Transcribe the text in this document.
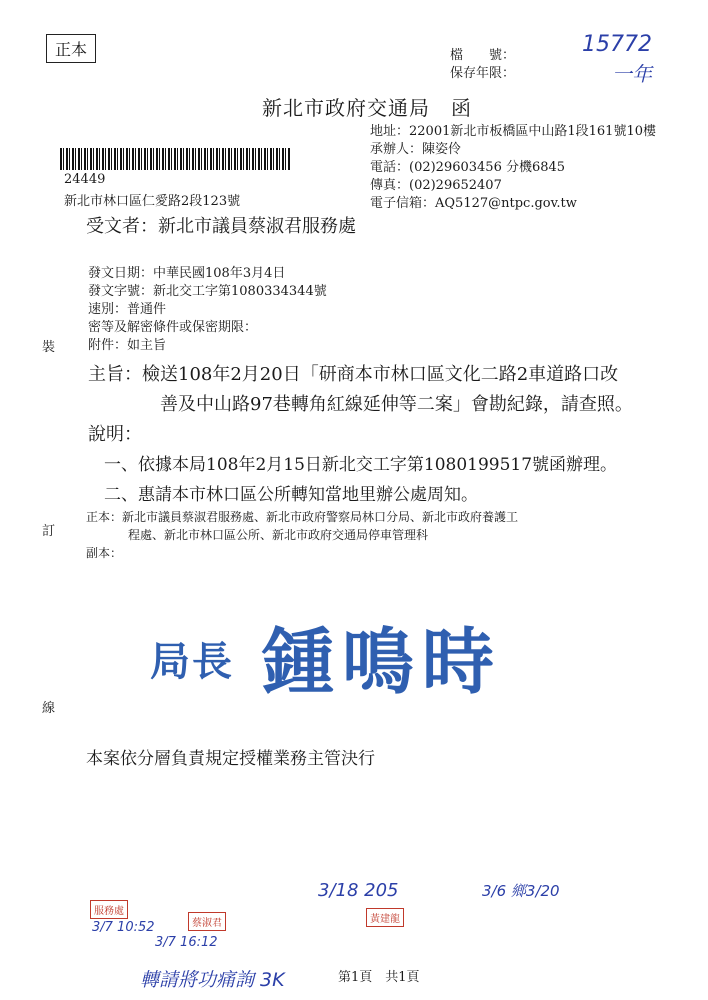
正本	檔　　號：
保存年限：
15772
一年
新北市政府交通局　函
地址：22001新北市板橋區中山路1段161號10樓
承辦人：陳姿伶
電話：(02)29603456 分機6845
傳真：(02)29652407
電子信箱：AQ5127@ntpc.gov.tw
24449
新北市林口區仁愛路2段123號
受文者：新北市議員蔡淑君服務處
發文日期：中華民國108年3月4日
發文字號：新北交工字第1080334344號
速別：普通件
密等及解密條件或保密期限：
附件：如主旨
裝
訂
線
主旨：檢送108年2月20日「研商本市林口區文化二路2車道路口改
善及中山路97巷轉角紅線延伸等二案」會勘紀錄，請查照。
說明：
一、依據本局108年2月15日新北交工字第1080199517號函辦理。
二、惠請本市林口區公所轉知當地里辦公處周知。
正本：新北市議員蔡淑君服務處、新北市政府警察局林口分局、新北市政府養護工
程處、新北市林口區公所、新北市政府交通局停車管理科
副本：
局長 鍾鳴時
本案依分層負責規定授權業務主管決行
3/7 10:52
3/7 16:12
3/18 205	3/6 鄉3/20
轉請將功痛詢 3K
黃建龍
蔡淑君
服務處
第1頁　共1頁
